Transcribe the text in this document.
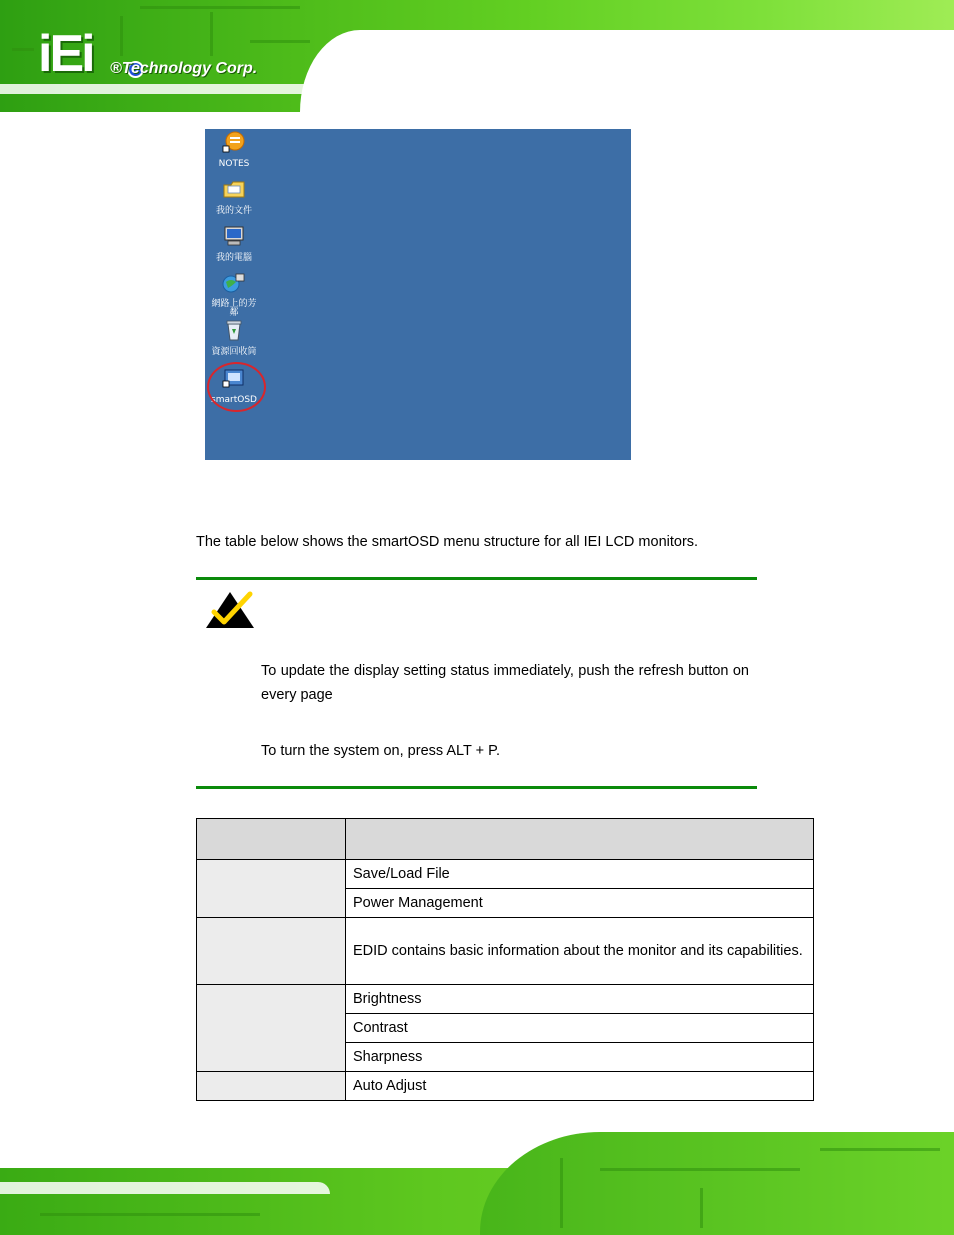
iEi ®Technology Corp.
NOTES
我的文件
我的電腦
網路上的芳
鄰
資源回收筒
smartOSD
The table below shows the smartOSD menu structure for all IEI LCD monitors.
To update the display setting status immediately, push the refresh button on every page
To turn the system on, press ALT + P.

	Save/Load File
	Power Management
	EDID contains basic information about the monitor and its capabilities.
	Brightness
	Contrast
	Sharpness
	Auto Adjust
